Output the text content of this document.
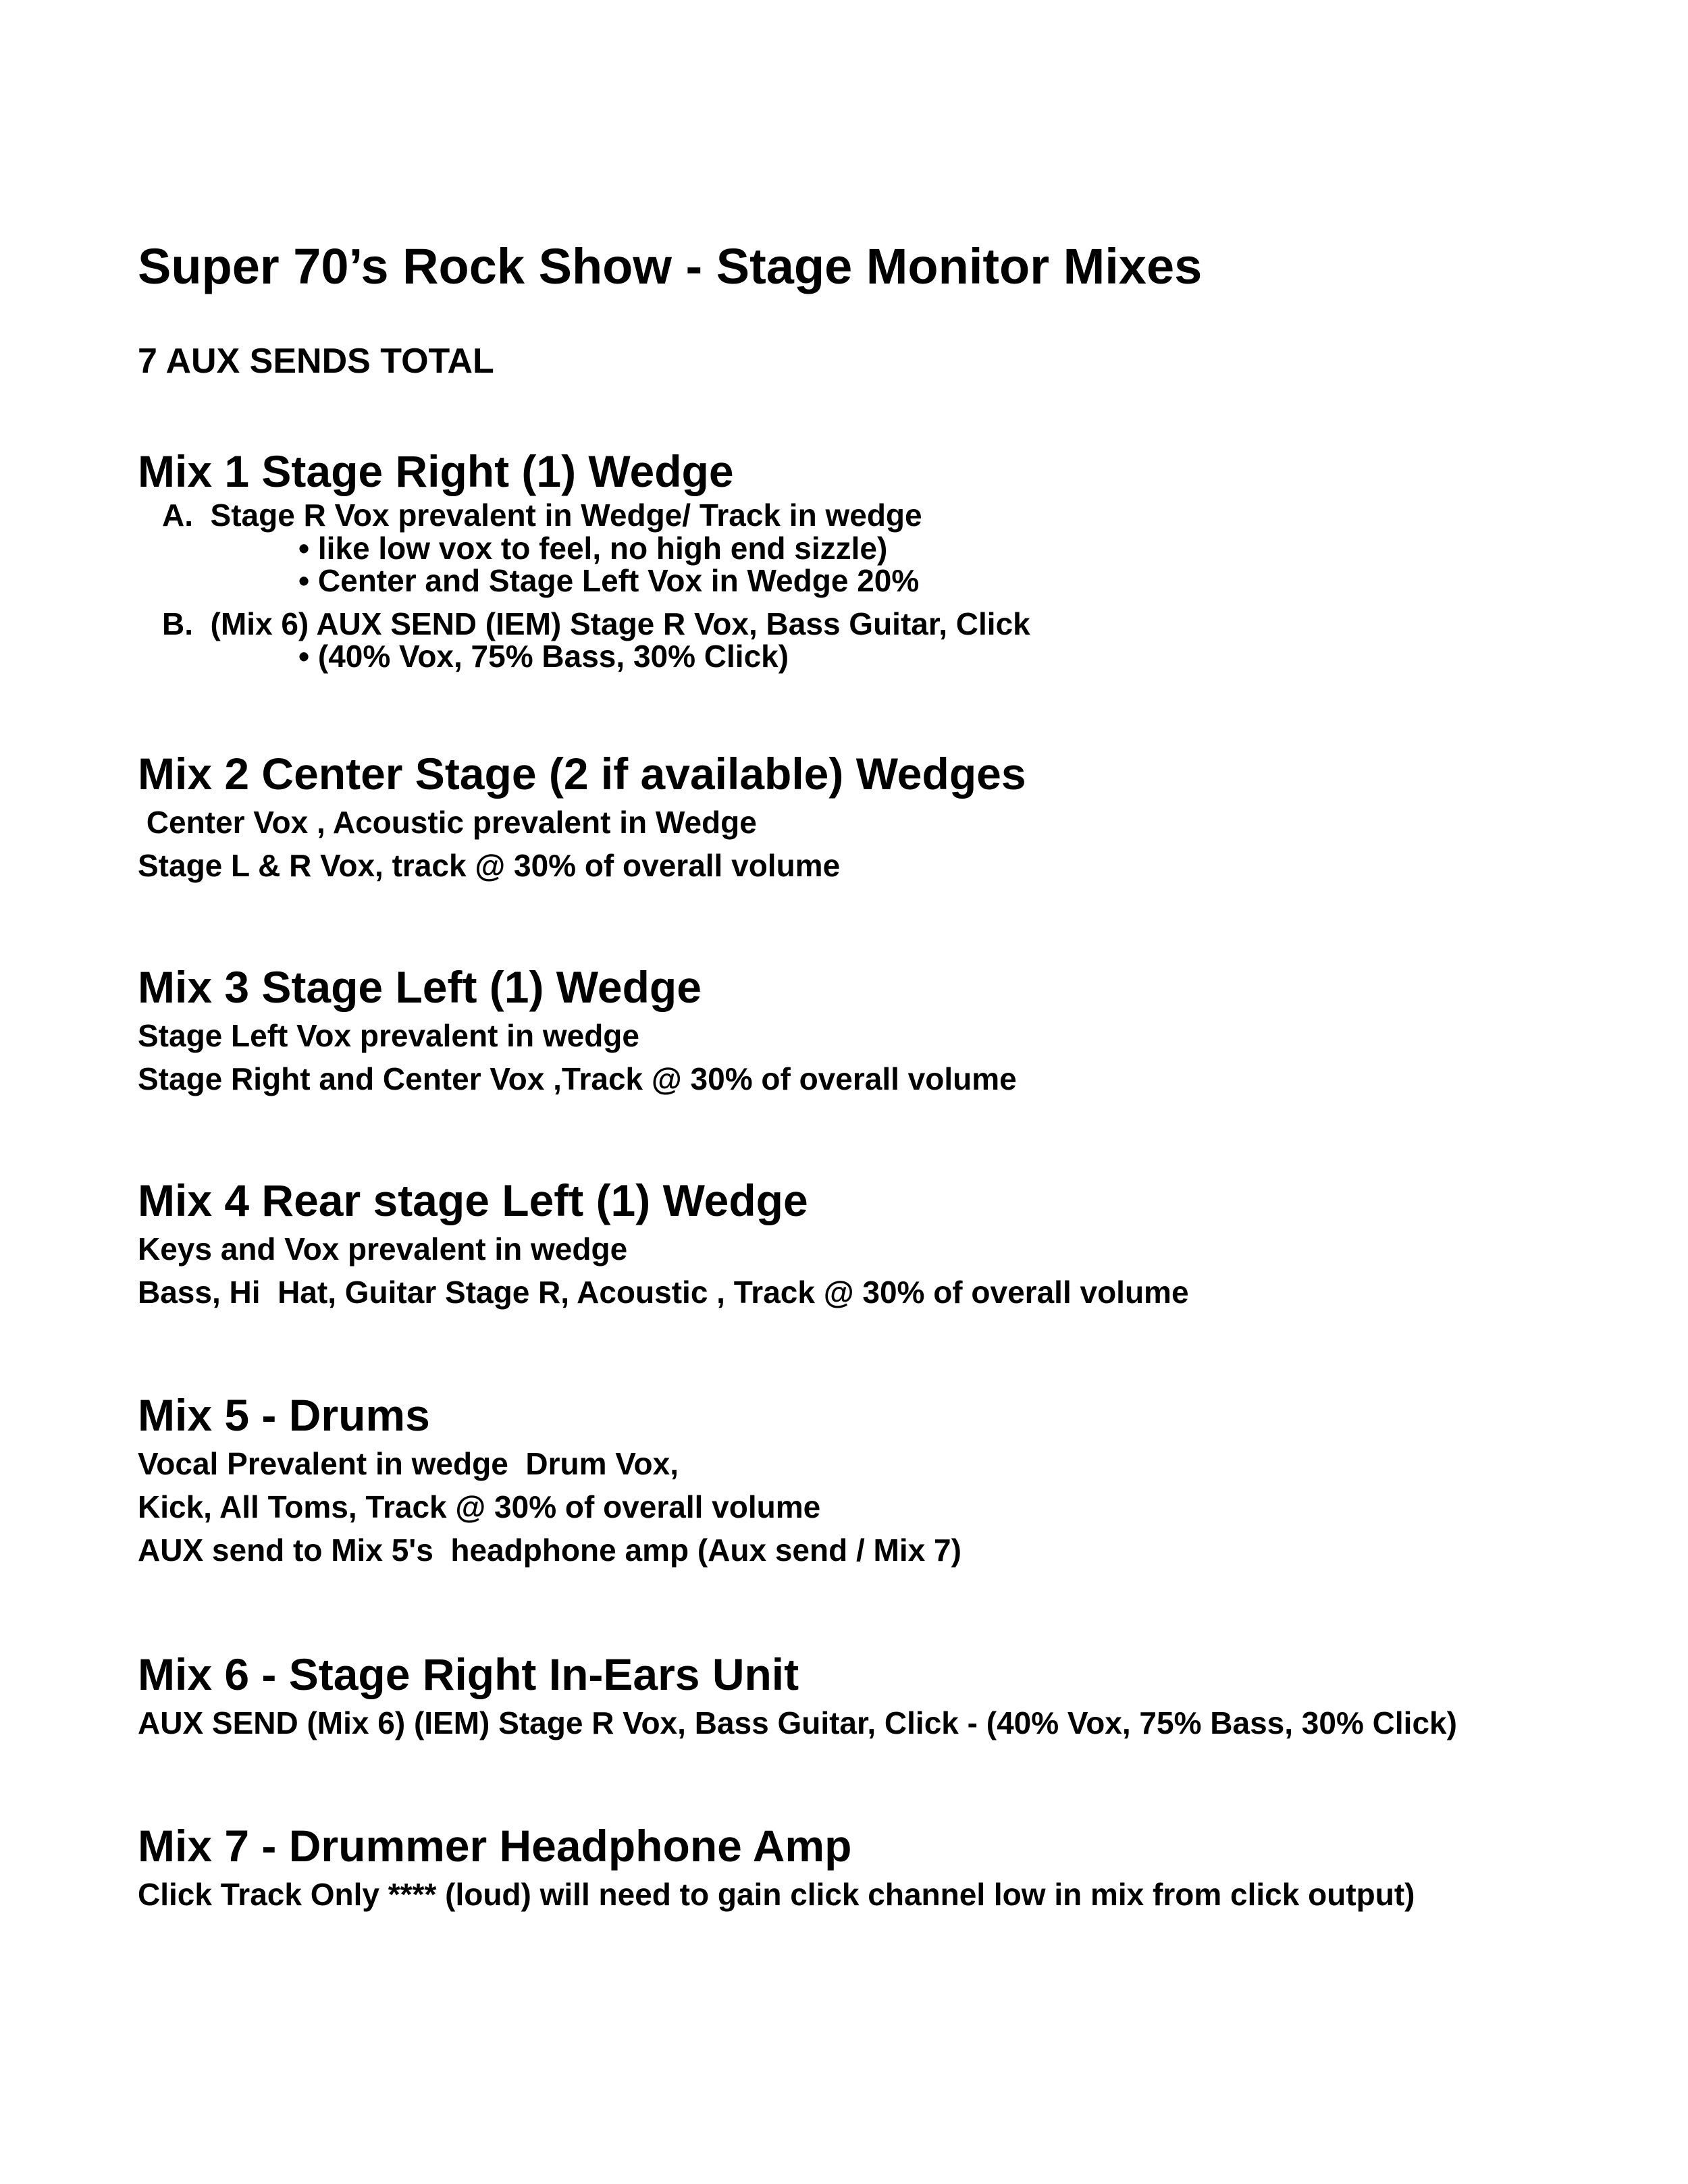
Super 70’s Rock Show - Stage Monitor Mixes
7 AUX SENDS TOTAL
Mix 1 Stage Right (1) Wedge
A.  Stage R Vox prevalent in Wedge/ Track in wedge
• like low vox to feel, no high end sizzle)
• Center and Stage Left Vox in Wedge 20%
B.  (Mix 6) AUX SEND (IEM) Stage R Vox, Bass Guitar, Click
• (40% Vox, 75% Bass, 30% Click)
Mix 2 Center Stage (2 if available) Wedges
Center Vox , Acoustic prevalent in Wedge
Stage L & R Vox, track @ 30% of overall volume
Mix 3 Stage Left (1) Wedge
Stage Left Vox prevalent in wedge
Stage Right and Center Vox ,Track @ 30% of overall volume
Mix 4 Rear stage Left (1) Wedge
Keys and Vox prevalent in wedge
Bass, Hi  Hat, Guitar Stage R, Acoustic , Track @ 30% of overall volume
Mix 5 - Drums
Vocal Prevalent in wedge  Drum Vox,
Kick, All Toms, Track @ 30% of overall volume
AUX send to Mix 5's  headphone amp (Aux send / Mix 7)
Mix 6 - Stage Right In-Ears Unit
AUX SEND (Mix 6) (IEM) Stage R Vox, Bass Guitar, Click - (40% Vox, 75% Bass, 30% Click)
Mix 7 - Drummer Headphone Amp
Click Track Only **** (loud) will need to gain click channel low in mix from click output)
